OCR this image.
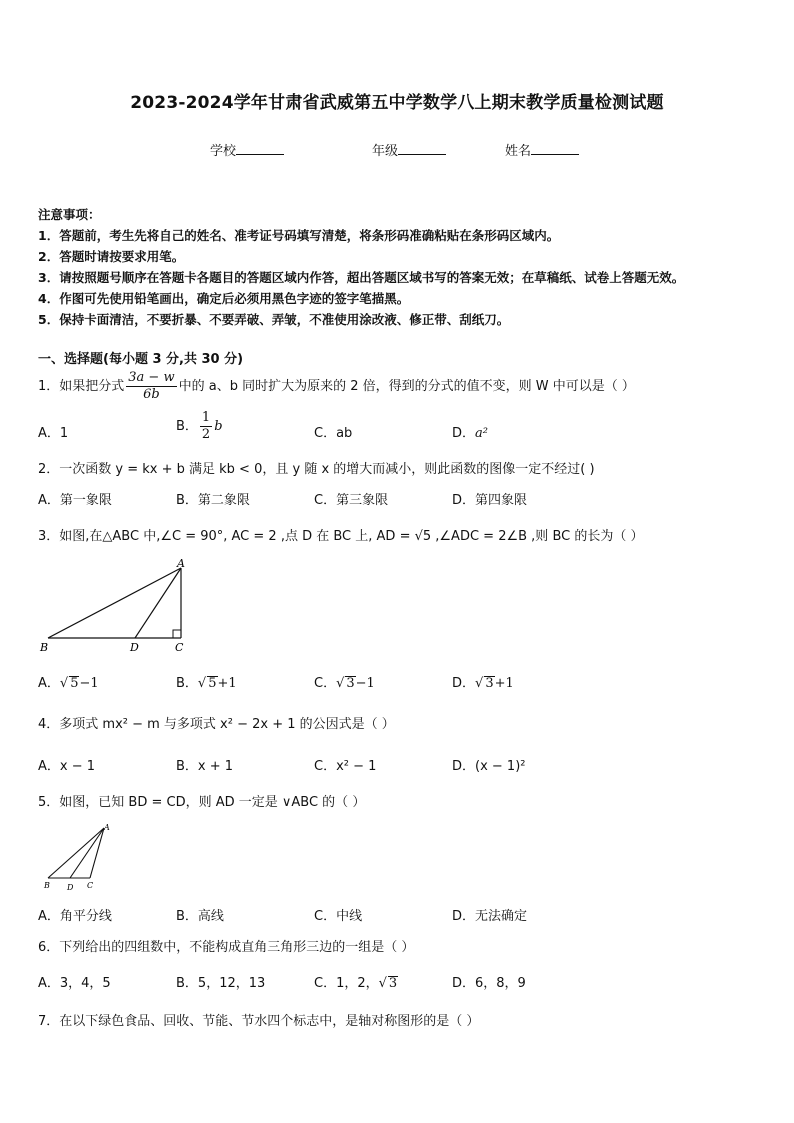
2023-2024学年甘肃省武威第五中学数学八上期末教学质量检测试题
学校	年级	姓名
注意事项：
1．答题前，考生先将自己的姓名、准考证号码填写清楚，将条形码准确粘贴在条形码区域内。
2．答题时请按要求用笔。
3．请按照题号顺序在答题卡各题目的答题区域内作答，超出答题区域书写的答案无效；在草稿纸、试卷上答题无效。
4．作图可先使用铅笔画出，确定后必须用黑色字迹的签字笔描黑。
5．保持卡面清洁，不要折暴、不要弄破、弄皱，不准使用涂改液、修正带、刮纸刀。
一、选择题(每小题 3 分,共 30 分)
1．如果把分式 $\frac{3a - w}{6b}$ 中的 a、b 同时扩大为原来的 2 倍，得到的分式的值不变，则 W 中可以是（ ）
A．1	B． $\frac{1}{2}$ b	C．ab	D．a²
2．一次函数 y = kx + b 满足 kb < 0，且 y 随 x 的增大而减小，则此函数的图像一定不经过( )
A．第一象限	B．第二象限	C．第三象限	D．第四象限
3．如图,在△ABC 中,∠C = 90°, AC = 2 ,点 D 在 BC 上, AD = √5 ,∠ADC = 2∠B ,则 BC 的长为（ ）
A
B	D	C
A．√ 5−1	B．√ 5+1	C．√ 3−1	D．√ 3+1
4．多项式 mx² − m 与多项式 x² − 2x + 1 的公因式是（ ）
A．x − 1	B．x + 1	C．x² − 1	D．(x − 1)²
5．如图，已知 BD = CD，则 AD 一定是 ∨ABC 的（ ）
A
B D C
A．角平分线	B．高线	C．中线	D．无法确定
6．下列给出的四组数中，不能构成直角三角形三边的一组是（ ）
A．3，4，5	B．5，12，13	C．1，2，√ 3	D．6，8，9
7．在以下绿色食品、回收、节能、节水四个标志中，是轴对称图形的是（ ）
